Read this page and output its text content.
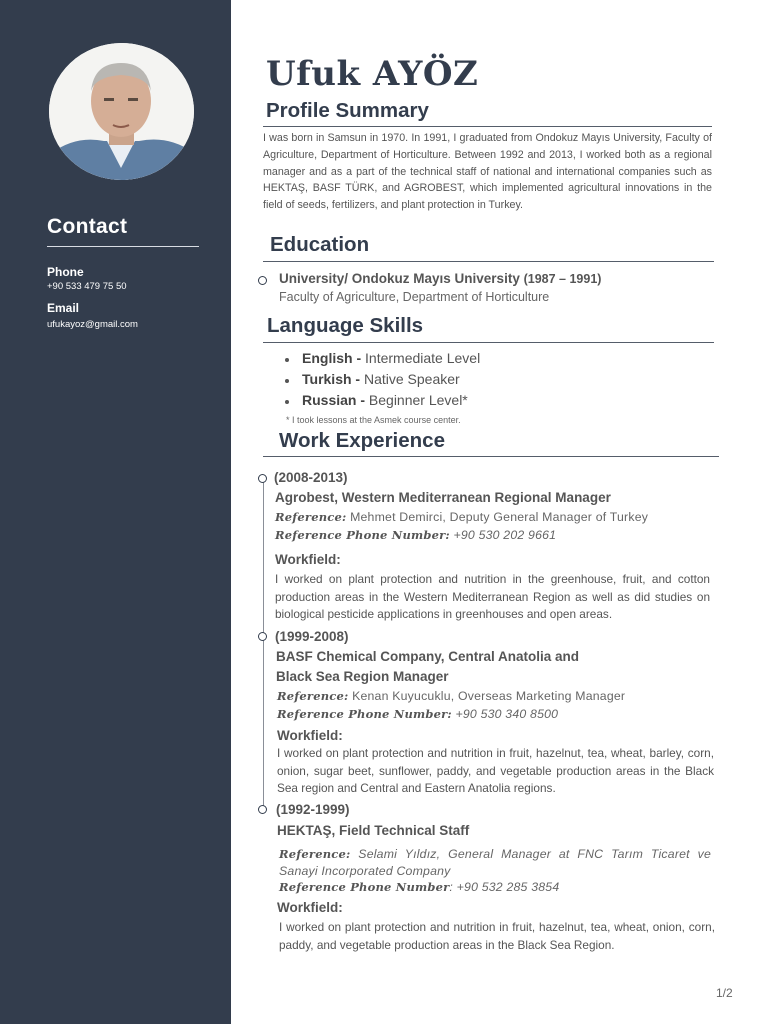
Contact
Phone
+90 533 479 75 50
Email
ufukayoz@gmail.com
Ufuk AYÖZ
Profile Summary
I was born in Samsun in 1970. In 1991, I graduated from Ondokuz Mayıs University, Faculty of Agriculture, Department of Horticulture. Between 1992 and 2013, I worked both as a regional manager and as a part of the technical staff of national and international companies such as HEKTAŞ, BASF TÜRK, and AGROBEST, which implemented agricultural innovations in the field of seeds, fertilizers, and plant protection in Turkey.
Education
University/ Ondokuz Mayıs University (1987 – 1991)
Faculty of Agriculture, Department of Horticulture
Language Skills
English - Intermediate Level
Turkish - Native Speaker
Russian - Beginner Level*
* I took lessons at the Asmek course center.
Work Experience
(2008-2013)
Agrobest, Western Mediterranean Regional Manager
Reference: Mehmet Demirci, Deputy General Manager of Turkey
Reference Phone Number: +90 530 202 9661
Workfield:
I worked on plant protection and nutrition in the greenhouse, fruit, and cotton production areas in the Western Mediterranean Region as well as did studies on biological pesticide applications in greenhouses and open areas.
(1999-2008)
BASF Chemical Company, Central Anatolia and
Black Sea Region Manager
Reference: Kenan Kuyucuklu, Overseas Marketing Manager
Reference Phone Number: +90 530 340 8500
Workfield:
I worked on plant protection and nutrition in fruit, hazelnut, tea, wheat, barley, corn, onion, sugar beet, sunflower, paddy, and vegetable production areas in the Black Sea region and Central and Eastern Anatolia regions.
(1992-1999)
HEKTAŞ, Field Technical Staff
Reference: Selami Yıldız, General Manager at FNC Tarım Ticaret ve Sanayi Incorporated Company
Reference Phone Number: +90 532 285 3854
Workfield:
I worked on plant protection and nutrition in fruit, hazelnut, tea, wheat, onion, corn, paddy, and vegetable production areas in the Black Sea Region.
1/2
